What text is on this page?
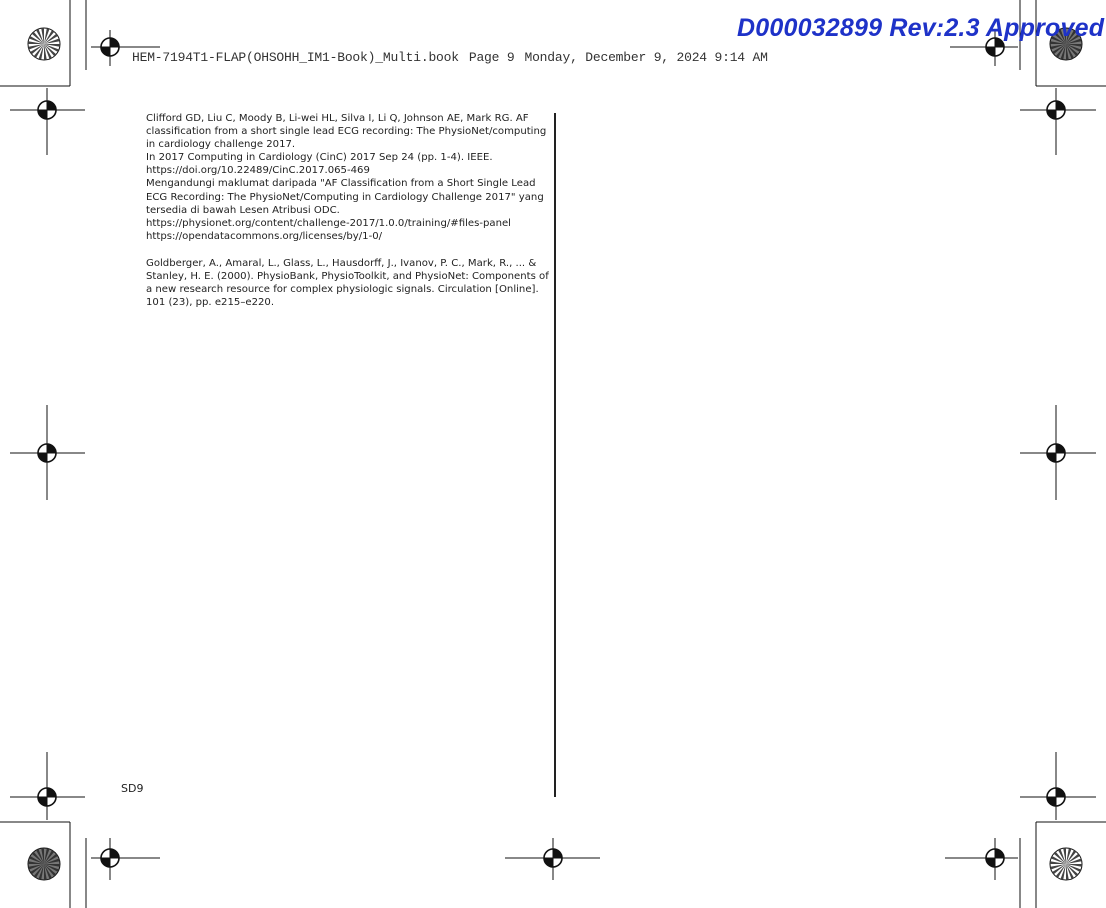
D000032899 Rev:2.3 Approved
HEM-7194T1-FLAP(OHSOHH_IM1-Book)_Multi.book Page 9 Monday, December 9, 2024 9:14 AM
Clifford GD, Liu C, Moody B, Li-wei HL, Silva I, Li Q, Johnson AE, Mark RG. AF
classification from a short single lead ECG recording: The PhysioNet/computing
in cardiology challenge 2017.
In 2017 Computing in Cardiology (CinC) 2017 Sep 24 (pp. 1-4). IEEE.
https://doi.org/10.22489/CinC.2017.065-469
Mengandungi maklumat daripada "AF Classification from a Short Single Lead
ECG Recording: The PhysioNet/Computing in Cardiology Challenge 2017" yang
tersedia di bawah Lesen Atribusi ODC.
https://physionet.org/content/challenge-2017/1.0.0/training/#files-panel
https://opendatacommons.org/licenses/by/1-0/
Goldberger, A., Amaral, L., Glass, L., Hausdorff, J., Ivanov, P. C., Mark, R., ... &
Stanley, H. E. (2000). PhysioBank, PhysioToolkit, and PhysioNet: Components of
a new research resource for complex physiologic signals. Circulation [Online].
101 (23), pp. e215–e220.
SD9
